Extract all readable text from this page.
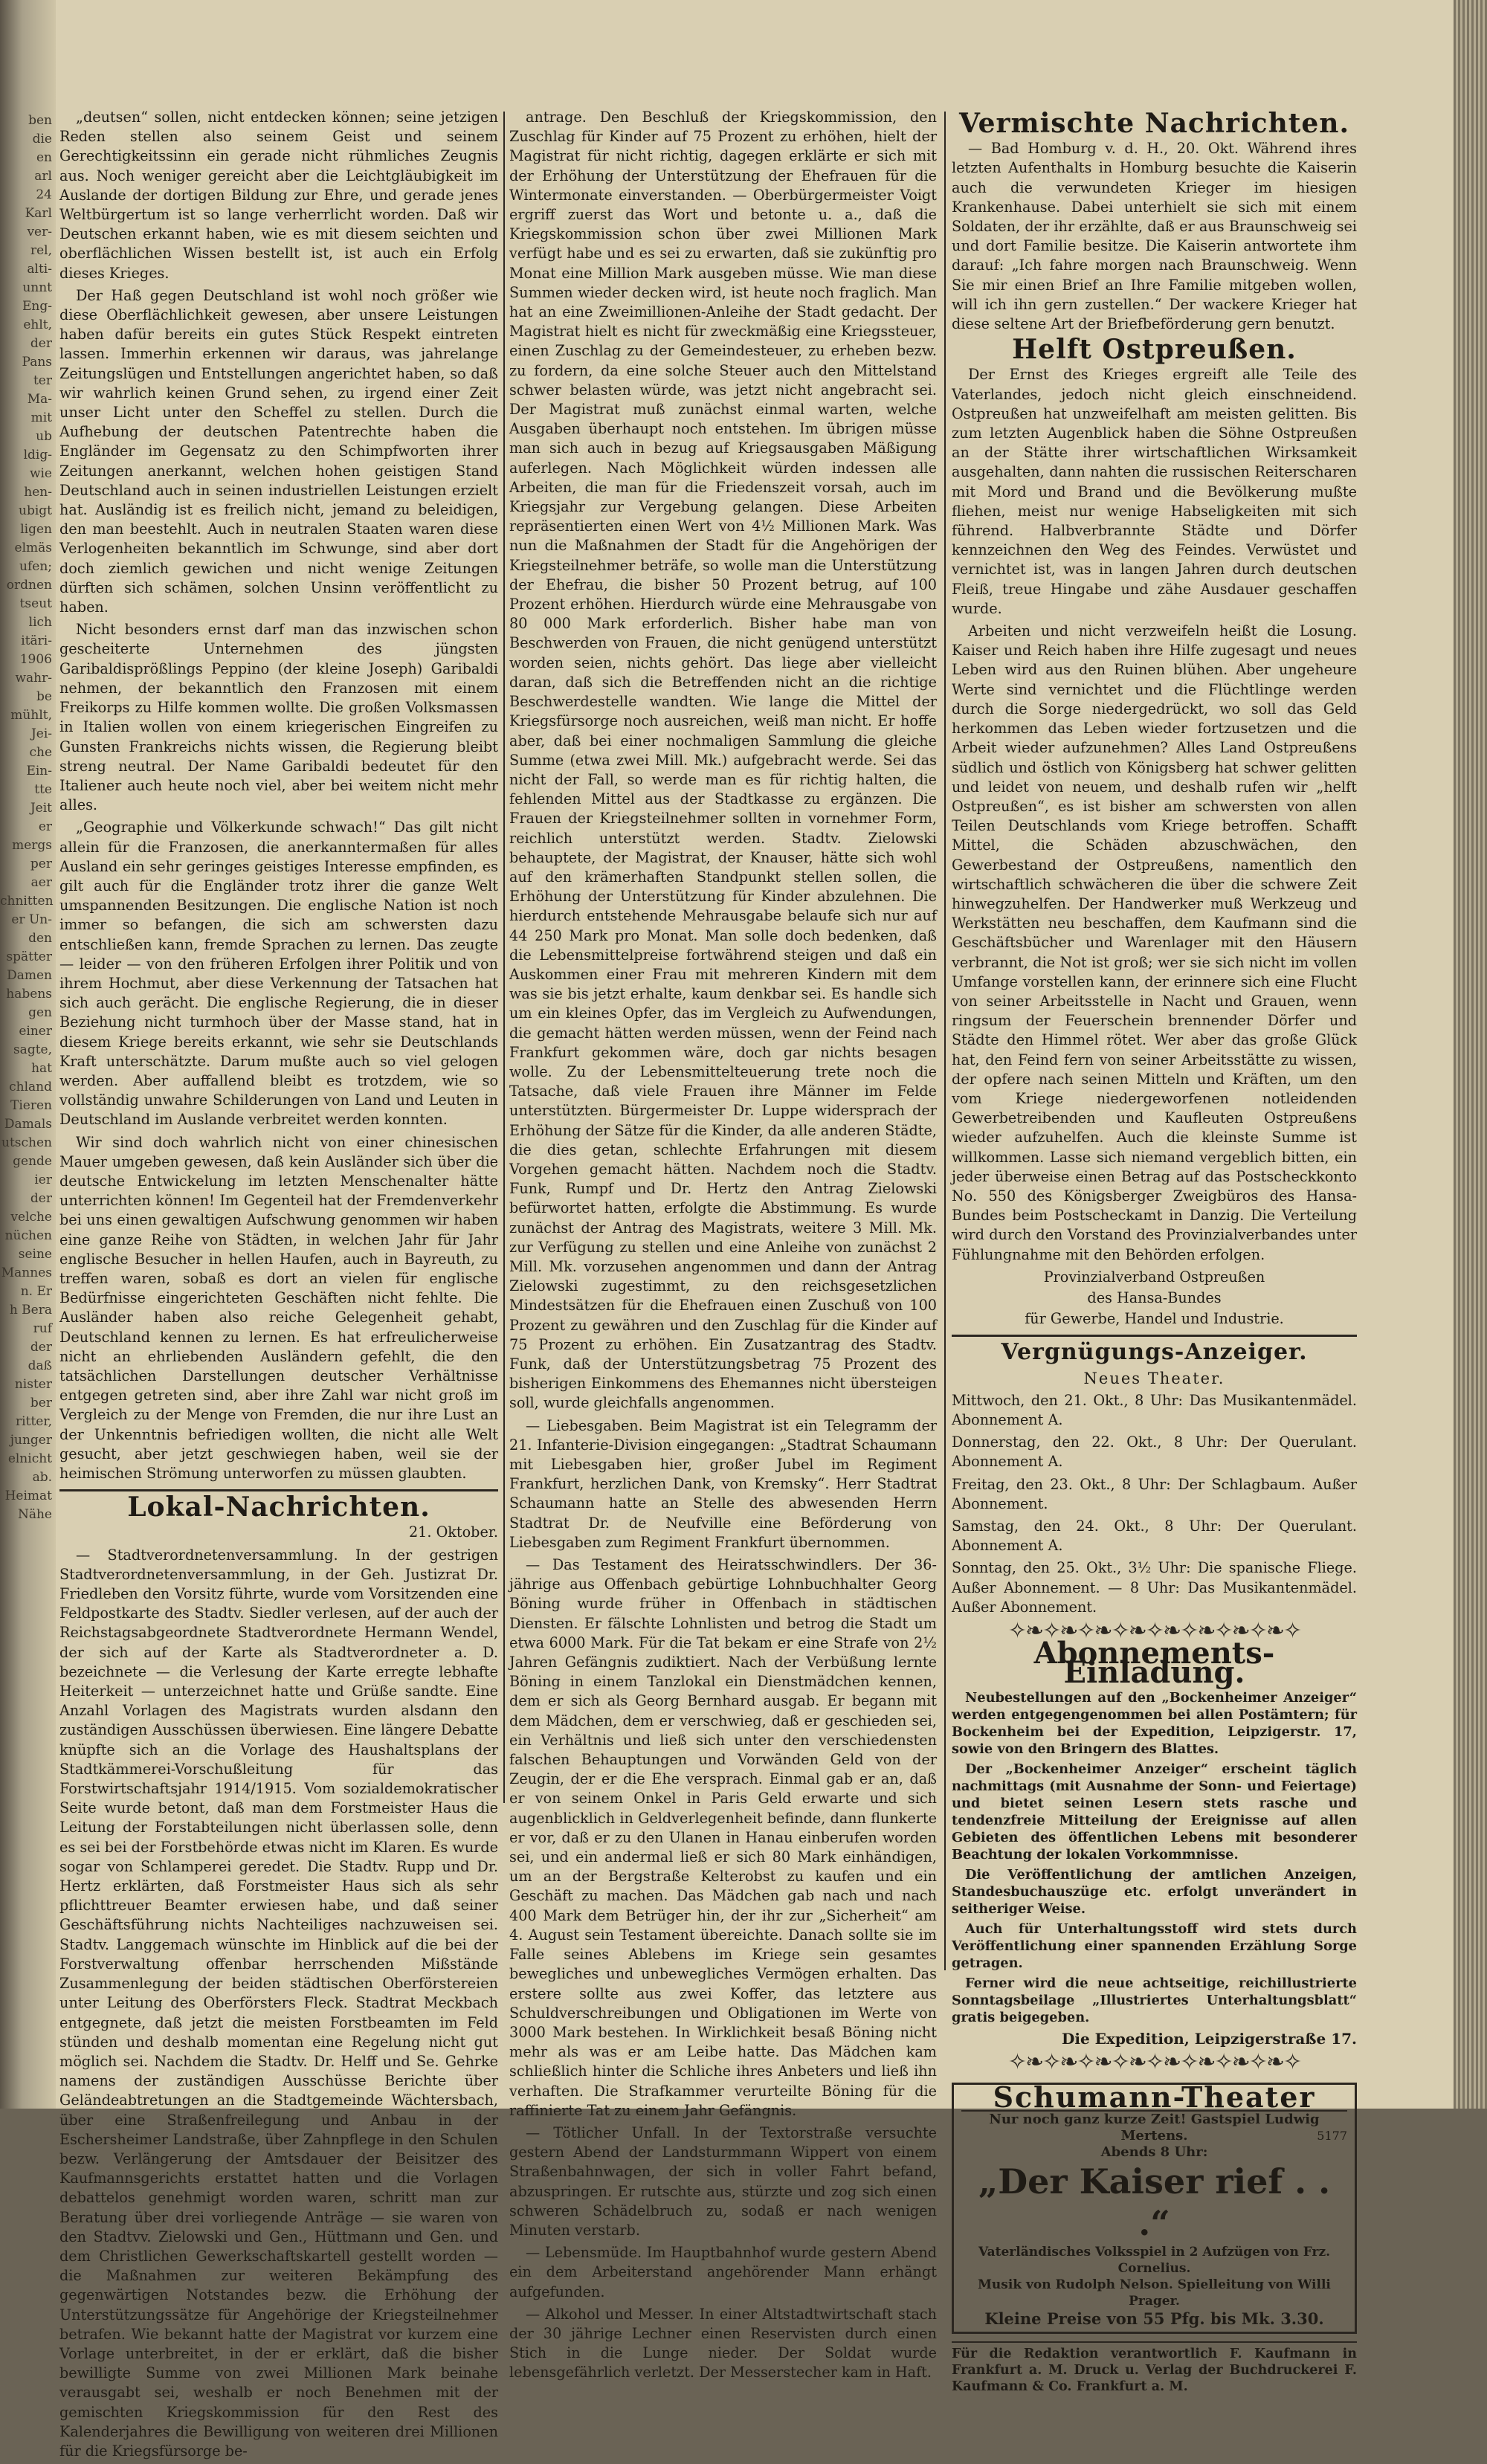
ben
die
en
arl
24
Karl
ver-
rel,
alti-
unnt
Eng-
ehlt,
der
Pans
ter
Ma-
mit
ub
ldig-
wie
hen-
ubigt
ligen
elmäs
ufen;
ordnen
tseut
lich
itäri-
1906
wahr-
be
mühlt,
Jei-
che
Ein-
tte
Jeit
er
mergs
per
aer
chnitten
er Un-
den
spätter
Damen
habens
gen
einer
sagte,
hat
chland
Tieren
Damals
utschen
gende
ier
der
velche
nüchen
seine
Mannes
n. Er
h Bera
ruf
der
daß
nister
ber
ritter,
junger
elnicht
ab.
Heimat
Nähe

„deutsen“ sollen, nicht entdecken können; seine jetzigen Reden stellen also seinem Geist und seinem Gerechtigkeitssinn ein gerade nicht rühmliches Zeugnis aus. Noch weniger gereicht aber die Leichtgläubigkeit im Auslande der dortigen Bildung zur Ehre, und gerade jenes Weltbürgertum ist so lange verherrlicht worden. Daß wir Deutschen erkannt haben, wie es mit diesem seichten und oberflächlichen Wissen bestellt ist, ist auch ein Erfolg dieses Krieges.

Der Haß gegen Deutschland ist wohl noch größer wie diese Oberflächlichkeit gewesen, aber unsere Leistungen haben dafür bereits ein gutes Stück Respekt eintreten lassen. Immerhin erkennen wir daraus, was jahrelange Zeitungslügen und Entstellungen angerichtet haben, so daß wir wahrlich keinen Grund sehen, zu irgend einer Zeit unser Licht unter den Scheffel zu stellen. Durch die Aufhebung der deutschen Patentrechte haben die Engländer im Gegensatz zu den Schimpfworten ihrer Zeitungen anerkannt, welchen hohen geistigen Stand Deutschland auch in seinen industriellen Leistungen erzielt hat. Ausländig ist es freilich nicht, jemand zu beleidigen, den man beestehlt. Auch in neutralen Staaten waren diese Verlogenheiten bekanntlich im Schwunge, sind aber dort doch ziemlich gewichen und nicht wenige Zeitungen dürften sich schämen, solchen Unsinn veröffentlicht zu haben.

Nicht besonders ernst darf man das inzwischen schon gescheiterte Unternehmen des jüngsten Garibaldisprößlings Peppino (der kleine Joseph) Garibaldi nehmen, der bekanntlich den Franzosen mit einem Freikorps zu Hilfe kommen wollte. Die großen Volksmassen in Italien wollen von einem kriegerischen Eingreifen zu Gunsten Frankreichs nichts wissen, die Regierung bleibt streng neutral. Der Name Garibaldi bedeutet für den Italiener auch heute noch viel, aber bei weitem nicht mehr alles.

„Geographie und Völkerkunde schwach!“ Das gilt nicht allein für die Franzosen, die anerkanntermaßen für alles Ausland ein sehr geringes geistiges Interesse empfinden, es gilt auch für die Engländer trotz ihrer die ganze Welt umspannenden Besitzungen. Die englische Nation ist noch immer so befangen, die sich am schwersten dazu entschließen kann, fremde Sprachen zu lernen. Das zeugte — leider — von den früheren Erfolgen ihrer Politik und von ihrem Hochmut, aber diese Verkennung der Tatsachen hat sich auch gerächt. Die englische Regierung, die in dieser Beziehung nicht turmhoch über der Masse stand, hat in diesem Kriege bereits erkannt, wie sehr sie Deutschlands Kraft unterschätzte. Darum mußte auch so viel gelogen werden. Aber auffallend bleibt es trotzdem, wie so vollständig unwahre Schilderungen von Land und Leuten in Deutschland im Auslande verbreitet werden konnten.

Wir sind doch wahrlich nicht von einer chinesischen Mauer umgeben gewesen, daß kein Ausländer sich über die deutsche Entwickelung im letzten Menschenalter hätte unterrichten können! Im Gegenteil hat der Fremdenverkehr bei uns einen gewaltigen Aufschwung genommen wir haben eine ganze Reihe von Städten, in welchen Jahr für Jahr englische Besucher in hellen Haufen, auch in Bayreuth, zu treffen waren, sobaß es dort an vielen für englische Bedürfnisse eingerichteten Geschäften nicht fehlte. Die Ausländer haben also reiche Gelegenheit gehabt, Deutschland kennen zu lernen. Es hat erfreulicherweise nicht an ehrliebenden Ausländern gefehlt, die den tatsächlichen Darstellungen deutscher Verhältnisse entgegen getreten sind, aber ihre Zahl war nicht groß im Vergleich zu der Menge von Fremden, die nur ihre Lust an der Unkenntnis befriedigen wollten, die nicht alle Welt gesucht, aber jetzt geschwiegen haben, weil sie der heimischen Strömung unterworfen zu müssen glaubten.

Lokal-Nachrichten.
21. Oktober.

— Stadtverordnetenversammlung. In der gestrigen Stadtverordnetenversammlung, in der Geh. Justizrat Dr. Friedleben den Vorsitz führte, wurde vom Vorsitzenden eine Feldpostkarte des Stadtv. Siedler verlesen, auf der auch der Reichstagsabgeordnete Stadtverordnete Hermann Wendel, der sich auf der Karte als Stadtverordneter a. D. bezeichnete — die Verlesung der Karte erregte lebhafte Heiterkeit — unterzeichnet hatte und Grüße sandte. Eine Anzahl Vorlagen des Magistrats wurden alsdann den zuständigen Ausschüssen überwiesen. Eine längere Debatte knüpfte sich an die Vorlage des Haushaltsplans der Stadtkämmerei-Vorschußleitung für das Forstwirtschaftsjahr 1914/1915. Vom sozialdemokratischer Seite wurde betont, daß man dem Forstmeister Haus die Leitung der Forstabteilungen nicht überlassen solle, denn es sei bei der Forstbehörde etwas nicht im Klaren. Es wurde sogar von Schlamperei geredet. Die Stadtv. Rupp und Dr. Hertz erklärten, daß Forstmeister Haus sich als sehr pflichttreuer Beamter erwiesen habe, und daß seiner Geschäftsführung nichts Nachteiliges nachzuweisen sei. Stadtv. Langgemach wünschte im Hinblick auf die bei der Forstverwaltung offenbar herrschenden Mißstände Zusammenlegung der beiden städtischen Oberförstereien unter Leitung des Oberförsters Fleck. Stadtrat Meckbach entgegnete, daß jetzt die meisten Forstbeamten im Feld stünden und deshalb momentan eine Regelung nicht gut möglich sei. Nachdem die Stadtv. Dr. Helff und Se. Gehrke namens der zuständigen Ausschüsse Berichte über Geländeabtretungen an die Stadtgemeinde Wächtersbach, über eine Straßenfreilegung und Anbau in der Eschersheimer Landstraße, über Zahnpflege in den Schulen bezw. Verlängerung der Amtsdauer der Beisitzer des Kaufmannsgerichts erstattet hatten und die Vorlagen debattelos genehmigt worden waren, schritt man zur Beratung über drei vorliegende Anträge — sie waren von den Stadtvv. Zielowski und Gen., Hüttmann und Gen. und dem Christlichen Gewerkschaftskartell gestellt worden — die Maßnahmen zur weiteren Bekämpfung des gegenwärtigen Notstandes bezw. die Erhöhung der Unterstützungssätze für Angehörige der Kriegsteilnehmer betrafen. Wie bekannt hatte der Magistrat vor kurzem eine Vorlage unterbreitet, in der er erklärt, daß die bisher bewilligte Summe von zwei Millionen Mark beinahe verausgabt sei, weshalb er noch Benehmen mit der gemischten Kriegskommission für den Rest des Kalenderjahres die Bewilligung von weiteren drei Millionen für die Kriegsfürsorge be-

antrage. Den Beschluß der Kriegskommission, den Zuschlag für Kinder auf 75 Prozent zu erhöhen, hielt der Magistrat für nicht richtig, dagegen erklärte er sich mit der Erhöhung der Unterstützung der Ehefrauen für die Wintermonate einverstanden. — Oberbürgermeister Voigt ergriff zuerst das Wort und betonte u. a., daß die Kriegskommission schon über zwei Millionen Mark verfügt habe und es sei zu erwarten, daß sie zukünftig pro Monat eine Million Mark ausgeben müsse. Wie man diese Summen wieder decken wird, ist heute noch fraglich. Man hat an eine Zweimillionen-Anleihe der Stadt gedacht. Der Magistrat hielt es nicht für zweckmäßig eine Kriegssteuer, einen Zuschlag zu der Gemeindesteuer, zu erheben bezw. zu fordern, da eine solche Steuer auch den Mittelstand schwer belasten würde, was jetzt nicht angebracht sei. Der Magistrat muß zunächst einmal warten, welche Ausgaben überhaupt noch entstehen. Im übrigen müsse man sich auch in bezug auf Kriegsausgaben Mäßigung auferlegen. Nach Möglichkeit würden indessen alle Arbeiten, die man für die Friedenszeit vorsah, auch im Kriegsjahr zur Vergebung gelangen. Diese Arbeiten repräsentierten einen Wert von 4½ Millionen Mark. Was nun die Maßnahmen der Stadt für die Angehörigen der Kriegsteilnehmer beträfe, so wolle man die Unterstützung der Ehefrau, die bisher 50 Prozent betrug, auf 100 Prozent erhöhen. Hierdurch würde eine Mehrausgabe von 80 000 Mark erforderlich. Bisher habe man von Beschwerden von Frauen, die nicht genügend unterstützt worden seien, nichts gehört. Das liege aber vielleicht daran, daß sich die Betreffenden nicht an die richtige Beschwerdestelle wandten. Wie lange die Mittel der Kriegsfürsorge noch ausreichen, weiß man nicht. Er hoffe aber, daß bei einer nochmaligen Sammlung die gleiche Summe (etwa zwei Mill. Mk.) aufgebracht werde. Sei das nicht der Fall, so werde man es für richtig halten, die fehlenden Mittel aus der Stadtkasse zu ergänzen. Die Frauen der Kriegsteilnehmer sollten in vornehmer Form, reichlich unterstützt werden. Stadtv. Zielowski behauptete, der Magistrat, der Knauser, hätte sich wohl auf den krämerhaften Standpunkt stellen sollen, die Erhöhung der Unterstützung für Kinder abzulehnen. Die hierdurch entstehende Mehrausgabe belaufe sich nur auf 44 250 Mark pro Monat. Man solle doch bedenken, daß die Lebensmittelpreise fortwährend steigen und daß ein Auskommen einer Frau mit mehreren Kindern mit dem was sie bis jetzt erhalte, kaum denkbar sei. Es handle sich um ein kleines Opfer, das im Vergleich zu Aufwendungen, die gemacht hätten werden müssen, wenn der Feind nach Frankfurt gekommen wäre, doch gar nichts besagen wolle. Zu der Lebensmittelteuerung trete noch die Tatsache, daß viele Frauen ihre Männer im Felde unterstützten. Bürgermeister Dr. Luppe widersprach der Erhöhung der Sätze für die Kinder, da alle anderen Städte, die dies getan, schlechte Erfahrungen mit diesem Vorgehen gemacht hätten. Nachdem noch die Stadtv. Funk, Rumpf und Dr. Hertz den Antrag Zielowski befürwortet hatten, erfolgte die Abstimmung. Es wurde zunächst der Antrag des Magistrats, weitere 3 Mill. Mk. zur Verfügung zu stellen und eine Anleihe von zunächst 2 Mill. Mk. vorzusehen angenommen und dann der Antrag Zielowski zugestimmt, zu den reichsgesetzlichen Mindestsätzen für die Ehefrauen einen Zuschuß von 100 Prozent zu gewähren und den Zuschlag für die Kinder auf 75 Prozent zu erhöhen. Ein Zusatzantrag des Stadtv. Funk, daß der Unterstützungsbetrag 75 Prozent des bisherigen Einkommens des Ehemannes nicht übersteigen soll, wurde gleichfalls angenommen.

— Liebesgaben. Beim Magistrat ist ein Telegramm der 21. Infanterie-Division eingegangen: „Stadtrat Schaumann mit Liebesgaben hier, großer Jubel im Regiment Frankfurt, herzlichen Dank, von Kremsky“. Herr Stadtrat Schaumann hatte an Stelle des abwesenden Herrn Stadtrat Dr. de Neufville eine Beförderung von Liebesgaben zum Regiment Frankfurt übernommen.

— Das Testament des Heiratsschwindlers. Der 36-jährige aus Offenbach gebürtige Lohnbuchhalter Georg Böning wurde früher in Offenbach in städtischen Diensten. Er fälschte Lohnlisten und betrog die Stadt um etwa 6000 Mark. Für die Tat bekam er eine Strafe von 2½ Jahren Gefängnis zudiktiert. Nach der Verbüßung lernte Böning in einem Tanzlokal ein Dienstmädchen kennen, dem er sich als Georg Bernhard ausgab. Er begann mit dem Mädchen, dem er verschwieg, daß er geschieden sei, ein Verhältnis und ließ sich unter den verschiedensten falschen Behauptungen und Vorwänden Geld von der Zeugin, der er die Ehe versprach. Einmal gab er an, daß er von seinem Onkel in Paris Geld erwarte und sich augenblicklich in Geldverlegenheit befinde, dann flunkerte er vor, daß er zu den Ulanen in Hanau einberufen worden sei, und ein andermal ließ er sich 80 Mark einhändigen, um an der Bergstraße Kelterobst zu kaufen und ein Geschäft zu machen. Das Mädchen gab nach und nach 400 Mark dem Betrüger hin, der ihr zur „Sicherheit“ am 4. August sein Testament übereichte. Danach sollte sie im Falle seines Ablebens im Kriege sein gesamtes bewegliches und unbewegliches Vermögen erhalten. Das erstere sollte aus zwei Koffer, das letztere aus Schuldverschreibungen und Obligationen im Werte von 3000 Mark bestehen. In Wirklichkeit besaß Böning nicht mehr als was er am Leibe hatte. Das Mädchen kam schließlich hinter die Schliche ihres Anbeters und ließ ihn verhaften. Die Strafkammer verurteilte Böning für die raffinierte Tat zu einem Jahr Gefängnis.

— Tötlicher Unfall. In der Textorstraße versuchte gestern Abend der Landsturmmann Wippert von einem Straßenbahnwagen, der sich in voller Fahrt befand, abzuspringen. Er rutschte aus, stürzte und zog sich einen schweren Schädelbruch zu, sodaß er nach wenigen Minuten verstarb.

— Lebensmüde. Im Hauptbahnhof wurde gestern Abend ein dem Arbeiterstand angehörender Mann erhängt aufgefunden.

— Alkohol und Messer. In einer Altstadtwirtschaft stach der 30 jährige Lechner einen Reservisten durch einen Stich in die Lunge nieder. Der Soldat wurde lebensgefährlich verletzt. Der Messerstecher kam in Haft.

Vermischte Nachrichten.

— Bad Homburg v. d. H., 20. Okt. Während ihres letzten Aufenthalts in Homburg besuchte die Kaiserin auch die verwundeten Krieger im hiesigen Krankenhause. Dabei unterhielt sie sich mit einem Soldaten, der ihr erzählte, daß er aus Braunschweig sei und dort Familie besitze. Die Kaiserin antwortete ihm darauf: „Ich fahre morgen nach Braunschweig. Wenn Sie mir einen Brief an Ihre Familie mitgeben wollen, will ich ihn gern zustellen.“ Der wackere Krieger hat diese seltene Art der Briefbeförderung gern benutzt.

Helft Ostpreußen.

Der Ernst des Krieges ergreift alle Teile des Vaterlandes, jedoch nicht gleich einschneidend. Ostpreußen hat unzweifelhaft am meisten gelitten. Bis zum letzten Augenblick haben die Söhne Ostpreußen an der Stätte ihrer wirtschaftlichen Wirksamkeit ausgehalten, dann nahten die russischen Reiterscharen mit Mord und Brand und die Bevölkerung mußte fliehen, meist nur wenige Habseligkeiten mit sich führend. Halbverbrannte Städte und Dörfer kennzeichnen den Weg des Feindes. Verwüstet und vernichtet ist, was in langen Jahren durch deutschen Fleiß, treue Hingabe und zähe Ausdauer geschaffen wurde.

Arbeiten und nicht verzweifeln heißt die Losung. Kaiser und Reich haben ihre Hilfe zugesagt und neues Leben wird aus den Ruinen blühen. Aber ungeheure Werte sind vernichtet und die Flüchtlinge werden durch die Sorge niedergedrückt, wo soll das Geld herkommen das Leben wieder fortzusetzen und die Arbeit wieder aufzunehmen? Alles Land Ostpreußens südlich und östlich von Königsberg hat schwer gelitten und leidet von neuem, und deshalb rufen wir „helft Ostpreußen“, es ist bisher am schwersten von allen Teilen Deutschlands vom Kriege betroffen. Schafft Mittel, die Schäden abzuschwächen, den Gewerbestand der Ostpreußens, namentlich den wirtschaftlich schwächeren die über die schwere Zeit hinwegzuhelfen. Der Handwerker muß Werkzeug und Werkstätten neu beschaffen, dem Kaufmann sind die Geschäftsbücher und Warenlager mit den Häusern verbrannt, die Not ist groß; wer sie sich nicht im vollen Umfange vorstellen kann, der erinnere sich eine Flucht von seiner Arbeitsstelle in Nacht und Grauen, wenn ringsum der Feuerschein brennender Dörfer und Städte den Himmel rötet. Wer aber das große Glück hat, den Feind fern von seiner Arbeitsstätte zu wissen, der opfere nach seinen Mitteln und Kräften, um den vom Kriege niedergeworfenen notleidenden Gewerbetreibenden und Kaufleuten Ostpreußens wieder aufzuhelfen. Auch die kleinste Summe ist willkommen. Lasse sich niemand vergeblich bitten, ein jeder überweise einen Betrag auf das Postscheckkonto No. 550 des Königsberger Zweigbüros des Hansa-Bundes beim Postscheckamt in Danzig. Die Verteilung wird durch den Vorstand des Provinzialverbandes unter Fühlungnahme mit den Behörden erfolgen.

Provinzialverband Ostpreußen
des Hansa-Bundes
für Gewerbe, Handel und Industrie.
Vergnügungs-Anzeiger.
Neues Theater.

Mittwoch, den 21. Okt., 8 Uhr: Das Musikantenmädel. Abonnement A.

Donnerstag, den 22. Okt., 8 Uhr: Der Querulant. Abonnement A.

Freitag, den 23. Okt., 8 Uhr: Der Schlagbaum. Außer Abonnement.

Samstag, den 24. Okt., 8 Uhr: Der Querulant. Abonnement A.

Sonntag, den 25. Okt., 3½ Uhr: Die spanische Fliege. Außer Abonnement. — 8 Uhr: Das Musikantenmädel. Außer Abonnement.

✧❧✧❧✧❧✧❧✧❧✧❧✧❧✧❧✧
Abonnements-Einladung.

Neubestellungen auf den „Bockenheimer Anzeiger“ werden entgegengenommen bei allen Postämtern; für Bockenheim bei der Expedition, Leipzigerstr. 17, sowie von den Bringern des Blattes.

Der „Bockenheimer Anzeiger“ erscheint täglich nachmittags (mit Ausnahme der Sonn- und Feiertage) und bietet seinen Lesern stets rasche und tendenzfreie Mitteilung der Ereignisse auf allen Gebieten des öffentlichen Lebens mit besonderer Beachtung der lokalen Vorkommnisse.

Die Veröffentlichung der amtlichen Anzeigen, Standesbuchauszüge etc. erfolgt unverändert in seitheriger Weise.

Auch für Unterhaltungsstoff wird stets durch Veröffentlichung einer spannenden Erzählung Sorge getragen.

Ferner wird die neue achtseitige, reichillustrierte Sonntagsbeilage „Illustriertes Unterhaltungsblatt“ gratis beigegeben.

Die Expedition, Leipzigerstraße 17.
✧❧✧❧✧❧✧❧✧❧✧❧✧❧✧❧✧
Schumann-Theater
Nur noch ganz kurze Zeit! Gastspiel Ludwig Mertens.
Abends 8 Uhr:
5177
„Der Kaiser rief . . .“
Vaterländisches Volksspiel in 2 Aufzügen von Frz. Cornelius.
Musik von Rudolph Nelson. Spielleitung von Willi Prager.
Kleine Preise von 55 Pfg. bis Mk. 3.30.
Für die Redaktion verantwortlich F. Kaufmann in Frankfurt a. M. Druck u. Verlag der Buchdruckerei F. Kaufmann & Co. Frankfurt a. M.
